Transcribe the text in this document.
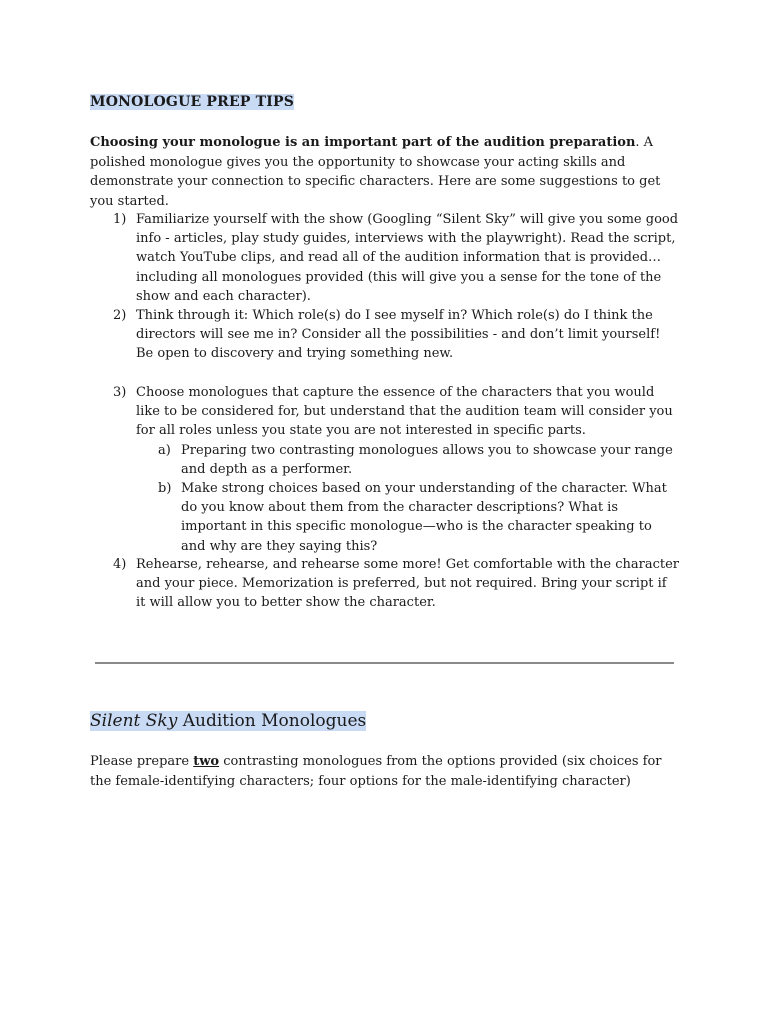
MONOLOGUE PREP TIPS

Choosing your monologue is an important part of the audition preparation. A polished monologue gives you the opportunity to showcase your acting skills and demonstrate your connection to specific characters. Here are some suggestions to get you started.

1) Familiarize yourself with the show (Googling “Silent Sky” will give you some good info - articles, play study guides, interviews with the playwright). Read the script, watch YouTube clips, and read all of the audition information that is provided…including all monologues provided (this will give you a sense for the tone of the show and each character).
2) Think through it: Which role(s) do I see myself in? Which role(s) do I think the directors will see me in? Consider all the possibilities - and don’t limit yourself! Be open to discovery and trying something new.
3) Choose monologues that capture the essence of the characters that you would like to be considered for, but understand that the audition team will consider you for all roles unless you state you are not interested in specific parts.
a) Preparing two contrasting monologues allows you to showcase your range and depth as a performer.
b) Make strong choices based on your understanding of the character. What do you know about them from the character descriptions? What is important in this specific monologue—who is the character speaking to and why are they saying this?
4) Rehearse, rehearse, and rehearse some more! Get comfortable with the character and your piece. Memorization is preferred, but not required. Bring your script if it will allow you to better show the character.
Silent Sky Audition Monologues

Please prepare two contrasting monologues from the options provided (six choices for the female-identifying characters; four options for the male-identifying character)
